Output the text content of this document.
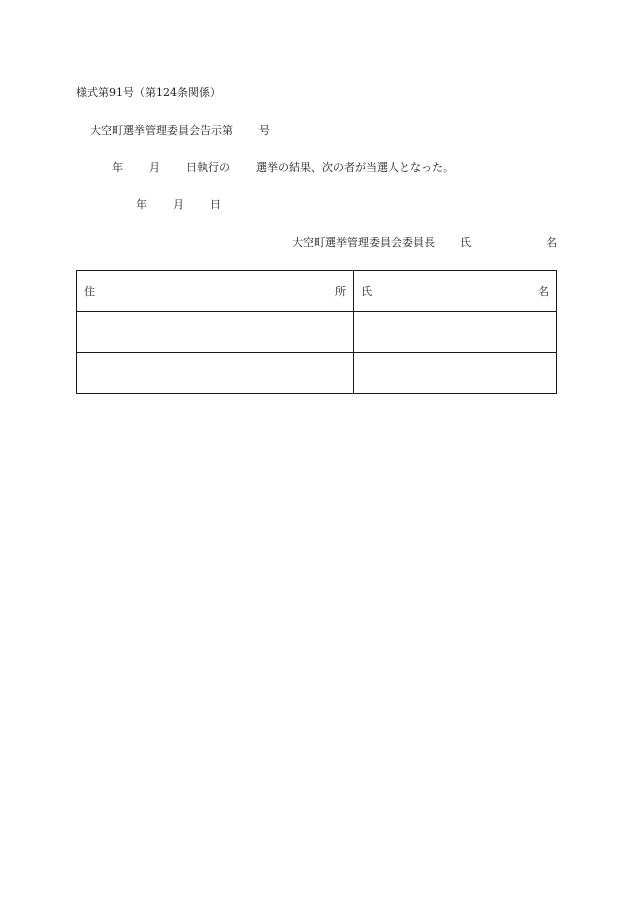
様式第91号（第124条関係）
大空町選挙管理委員会告示第 号
年 月 日執行の 選挙の結果、次の者が当選人となった。
年 月 日
大空町選挙管理委員会委員長 氏	名
住 所	氏 名
